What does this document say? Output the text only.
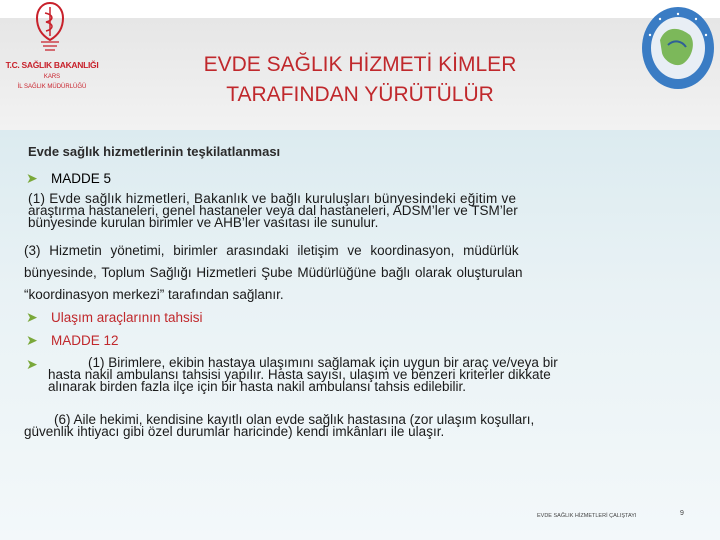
T.C. SAĞLIK BAKANLIĞI
KARS
İL SAĞLIK MÜDÜRLÜĞÜ
EVDE SAĞLIK HİZMETİ KİMLER
TARAFINDAN YÜRÜTÜLÜR
Evde sağlık hizmetlerinin teşkilatlanması
➤ MADDE 5
(1) Evde sağlık hizmetleri, Bakanlık ve bağlı kuruluşları bünyesindeki eğitim ve
araştırma hastaneleri, genel hastaneler veya dal hastaneleri, ADSM’ler ve TSM’ler
bünyesinde kurulan birimler ve AHB’ler vasıtası ile sunulur.
(3) Hizmetin yönetimi, birimler arasındaki iletişim ve koordinasyon, müdürlük
bünyesinde, Toplum Sağlığı Hizmetleri Şube Müdürlüğüne bağlı olarak oluşturulan
“koordinasyon merkezi” tarafından sağlanır.
➤ Ulaşım araçlarının tahsisi
➤ MADDE 12
➤	(1) Birimlere, ekibin hastaya ulaşımını sağlamak için uygun bir araç ve/veya bir
hasta nakil ambulansı tahsisi yapılır. Hasta sayısı, ulaşım ve benzeri kriterler dikkate
alınarak birden fazla ilçe için bir hasta nakil ambulansı tahsis edilebilir.
(6) Aile hekimi, kendisine kayıtlı olan evde sağlık hastasına (zor ulaşım koşulları,
güvenlik ihtiyacı gibi özel durumlar haricinde) kendi imkânları ile ulaşır.
EVDE SAĞLIK HİZMETLERİ ÇALIŞTAYI	9
